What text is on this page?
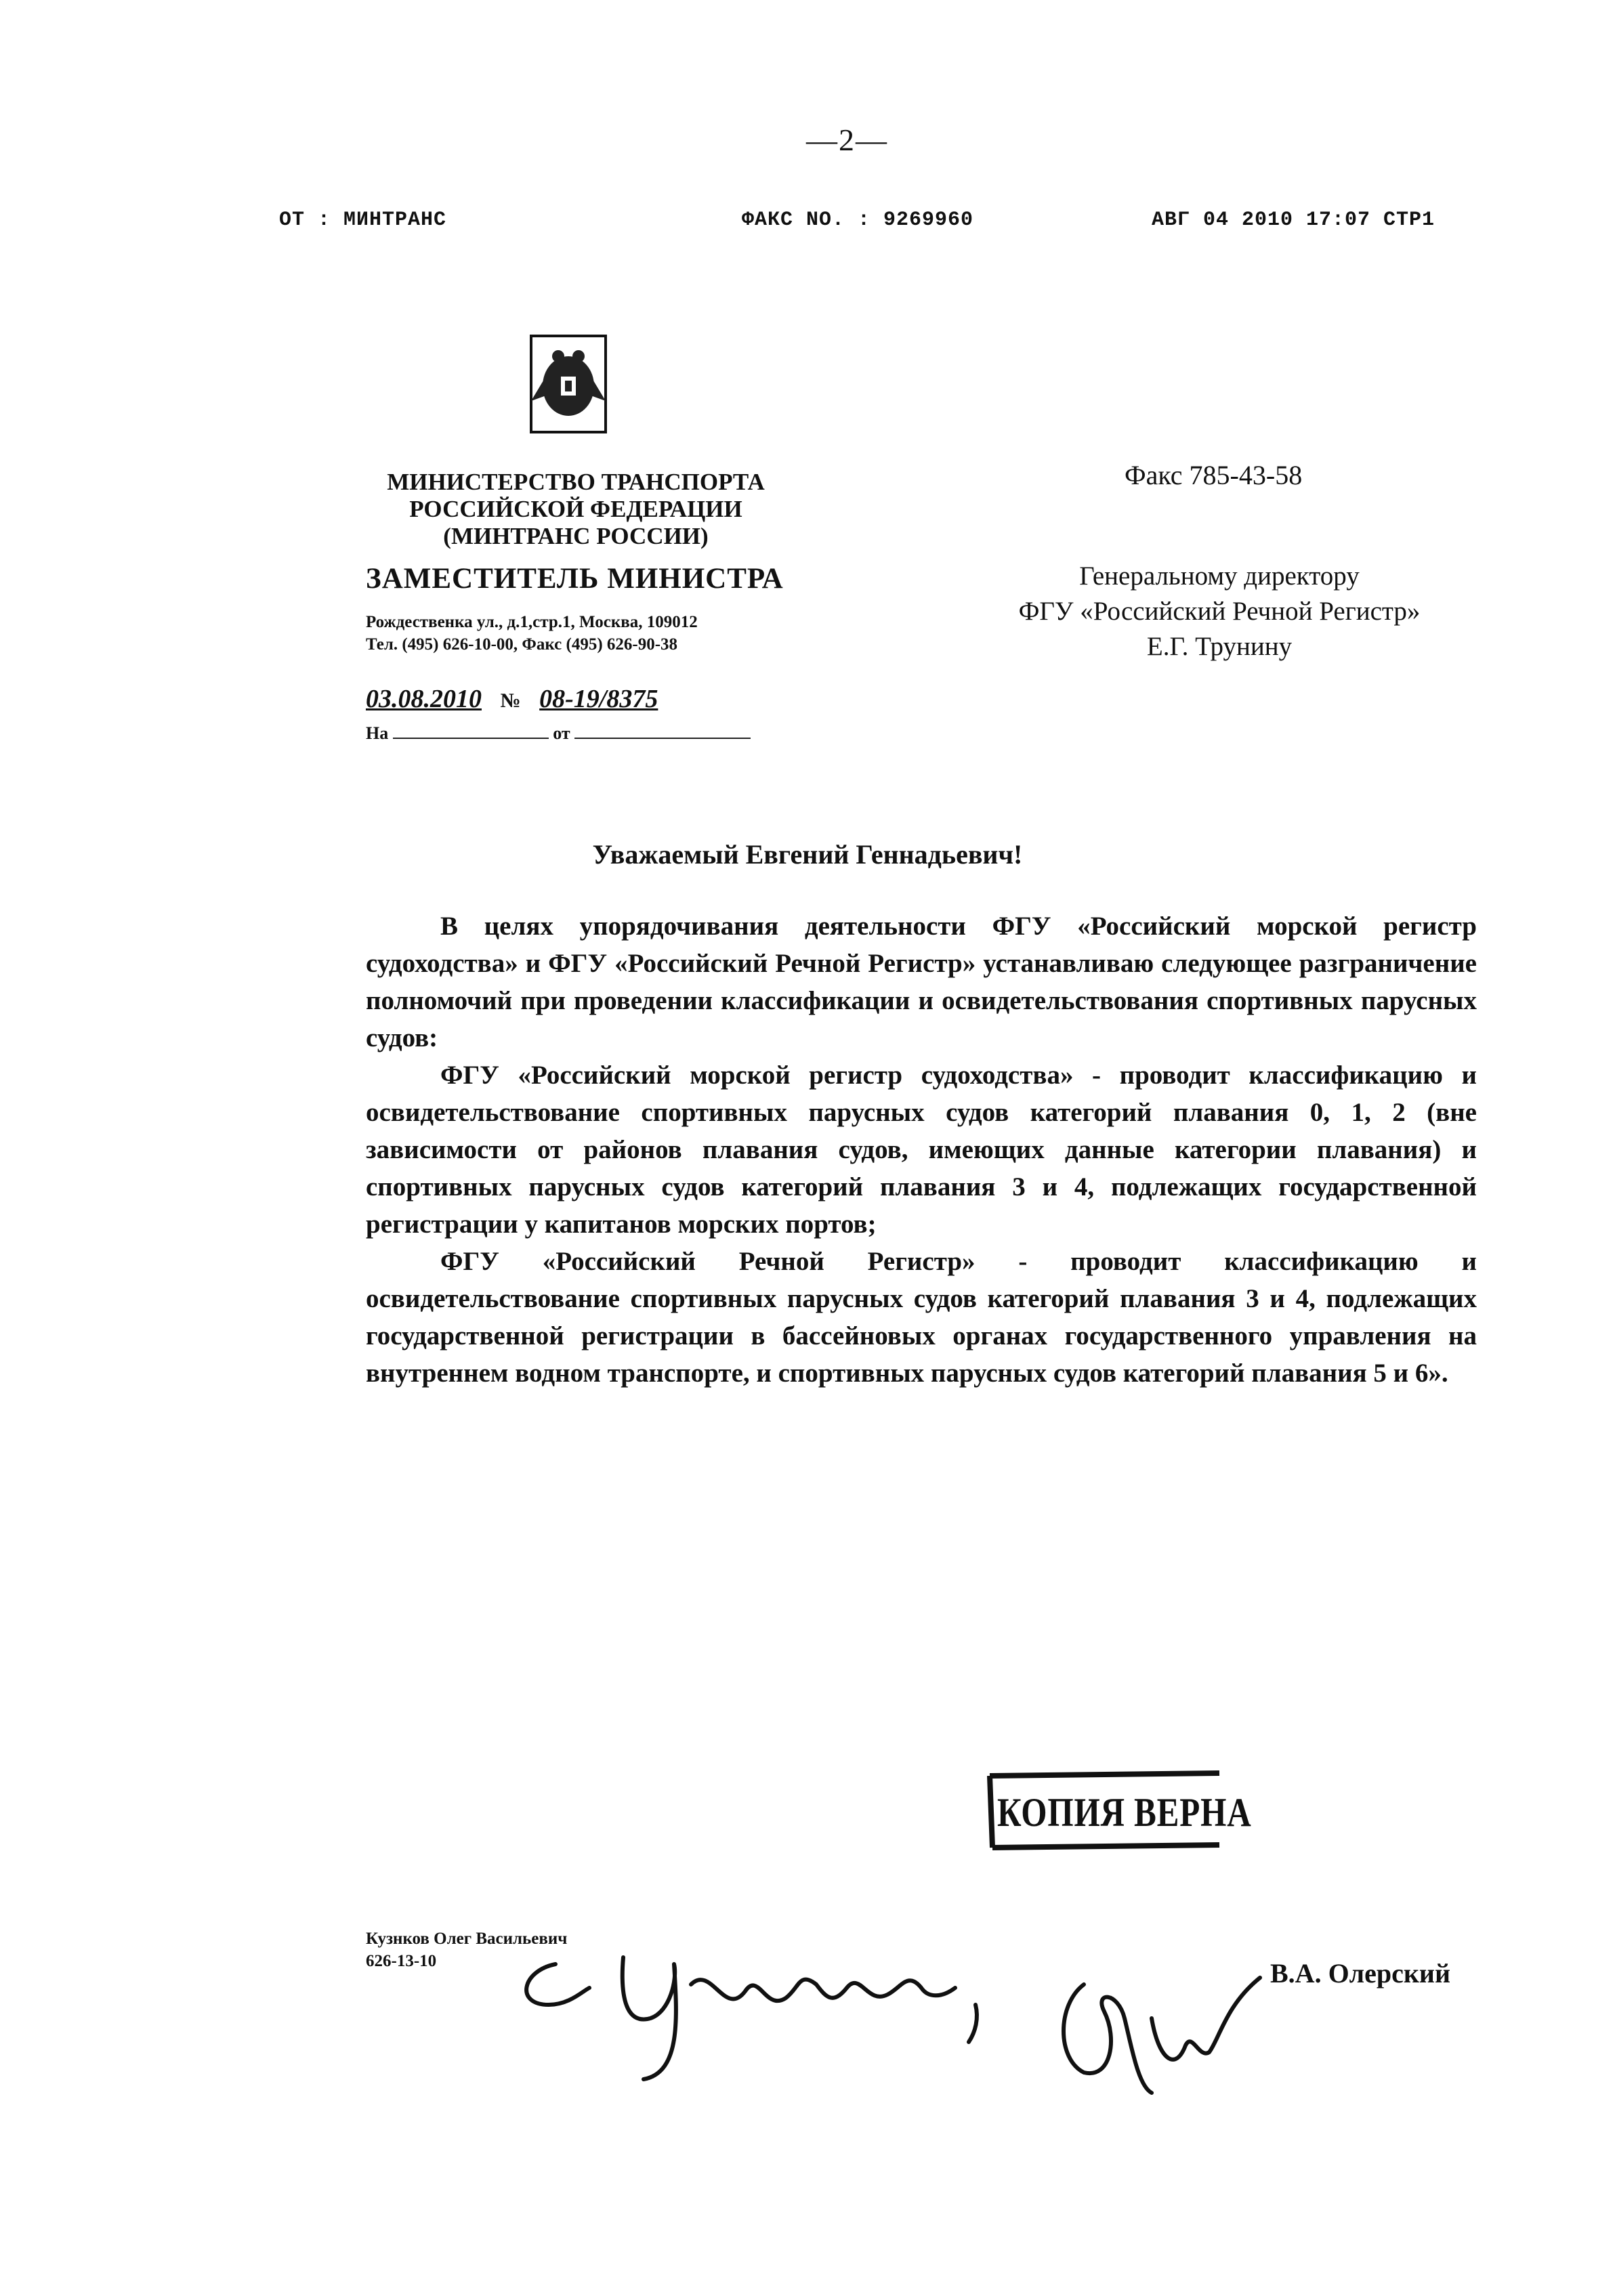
—2—
ОТ : МИНТРАНС	ФАКС NO. : 9269960	АВГ 04 2010 17:07 СТР1
МИНИСТЕРСТВО ТРАНСПОРТА
РОССИЙСКОЙ ФЕДЕРАЦИИ
(МИНТРАНС РОССИИ)
ЗАМЕСТИТЕЛЬ МИНИСТРА
Рождественка ул., д.1,стр.1, Москва, 109012
Тел. (495) 626-10-00, Факс (495) 626-90-38
03.08.2010 № 08-19/8375
На	от
Факс 785-43-58
Генеральному директору
ФГУ «Российский Речной Регистр»
Е.Г. Трунину
Уважаемый Евгений Геннадьевич!

В целях упорядочивания деятельности ФГУ «Российский морской регистр судоходства» и ФГУ «Российский Речной Регистр» устанавливаю следующее разграничение полномочий при проведении классификации и освидетельствования спортивных парусных судов:

ФГУ «Российский морской регистр судоходства» - проводит классификацию и освидетельствование спортивных парусных судов категорий плавания 0, 1, 2 (вне зависимости от районов плавания судов, имеющих данные категории плавания) и спортивных парусных судов категорий плавания 3 и 4, подлежащих государственной регистрации у капитанов морских портов;

ФГУ «Российский Речной Регистр» - проводит классификацию и освидетельствование спортивных парусных судов категорий плавания 3 и 4, подлежащих государственной регистрации в бассейновых органах государственного управления на внутреннем водном транспорте, и спортивных парусных судов категорий плавания 5 и 6».

В.А. Олерский
КОПИЯ ВЕРНА
Кузнков Олег Васильевич
626-13-10
